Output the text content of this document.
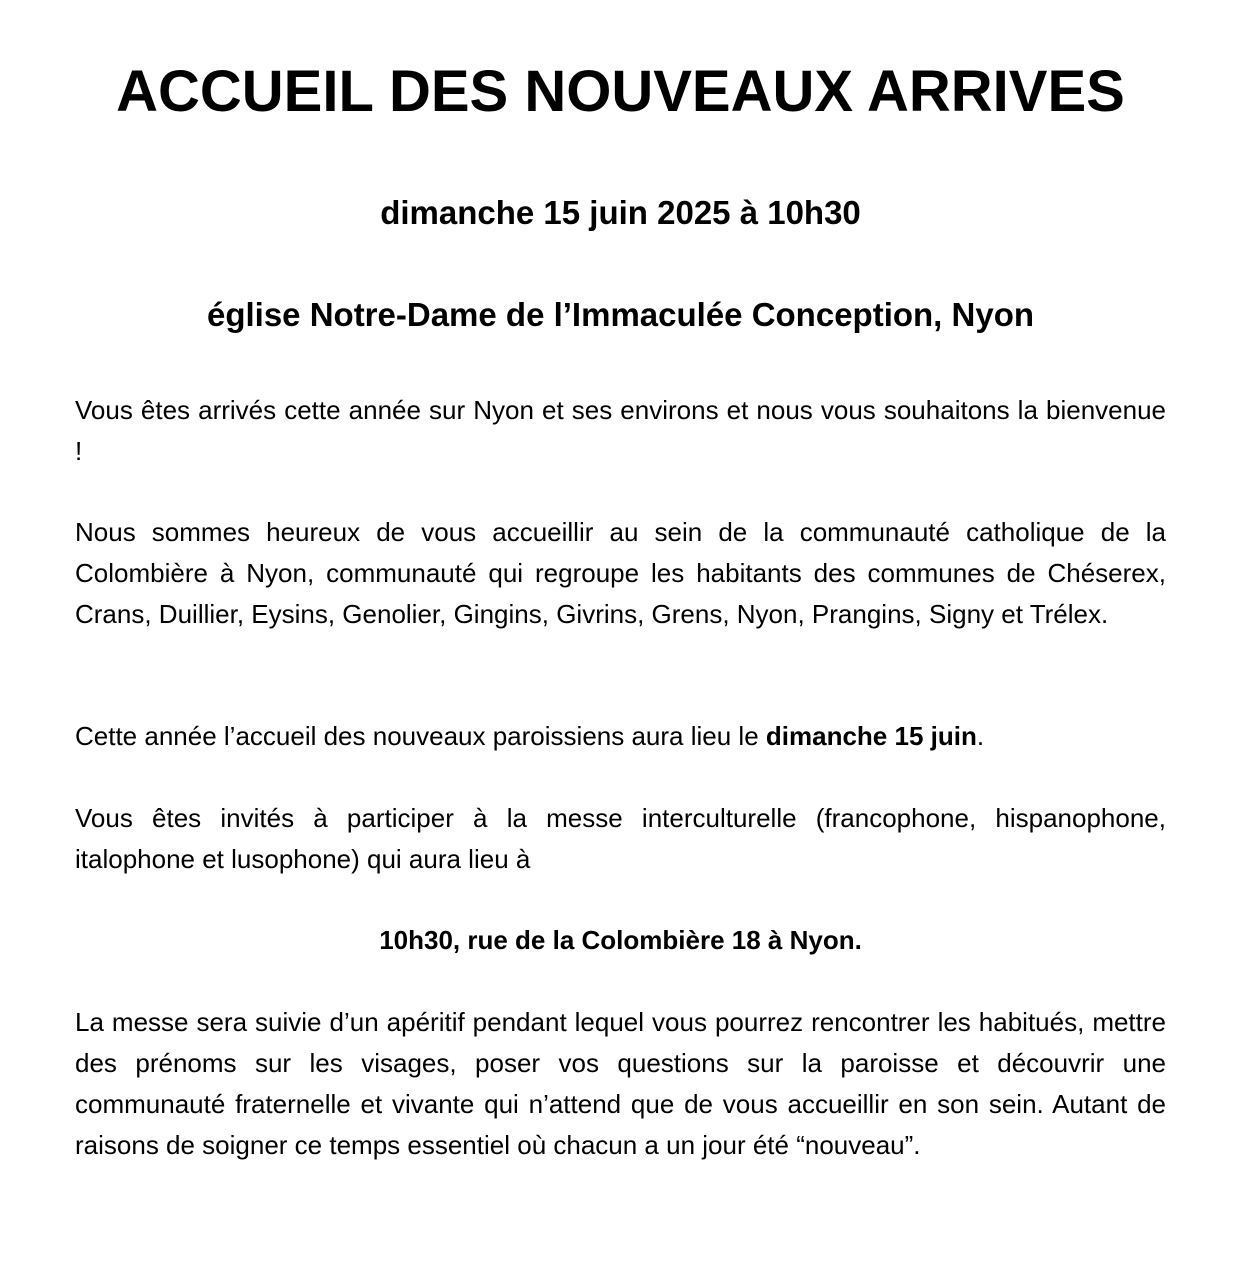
ACCUEIL DES NOUVEAUX ARRIVES
dimanche 15 juin 2025 à 10h30
église Notre-Dame de l’Immaculée Conception, Nyon

Vous êtes arrivés cette année sur Nyon et ses environs et nous vous souhaitons la bienvenue !

Nous sommes heureux de vous accueillir au sein de la communauté catholique de la Colombière à Nyon, communauté qui regroupe les habitants des communes de Chéserex, Crans, Duillier, Eysins, Genolier, Gingins, Givrins, Grens, Nyon, Prangins, Signy et Trélex.

Cette année l’accueil des nouveaux paroissiens aura lieu le dimanche 15 juin.

Vous êtes invités à participer à la messe interculturelle (francophone, hispanophone, italophone et lusophone) qui aura lieu à

10h30, rue de la Colombière 18 à Nyon.

La messe sera suivie d’un apéritif pendant lequel vous pourrez rencontrer les habitués, mettre des prénoms sur les visages, poser vos questions sur la paroisse et découvrir une communauté fraternelle et vivante qui n’attend que de vous accueillir en son sein. Autant de raisons de soigner ce temps essentiel où chacun a un jour été “nouveau”.
